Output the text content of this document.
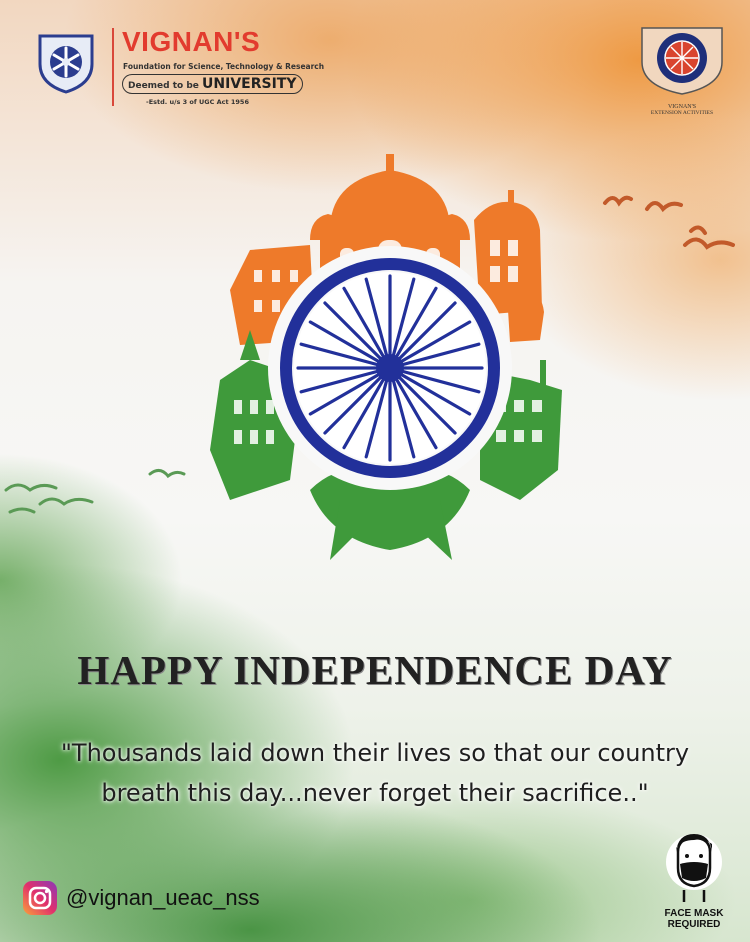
VIGNAN'S
Foundation for Science, Technology & Research
Deemed to be UNIVERSITY
-Estd. u/s 3 of UGC Act 1956
VIGNAN'S
EXTENSION ACTIVITIES
HAPPY INDEPENDENCE DAY
"Thousands laid down their lives so that our country
breath this day...never forget their sacrifice.."
@vignan_ueac_nss
FACE MASK
REQUIRED
